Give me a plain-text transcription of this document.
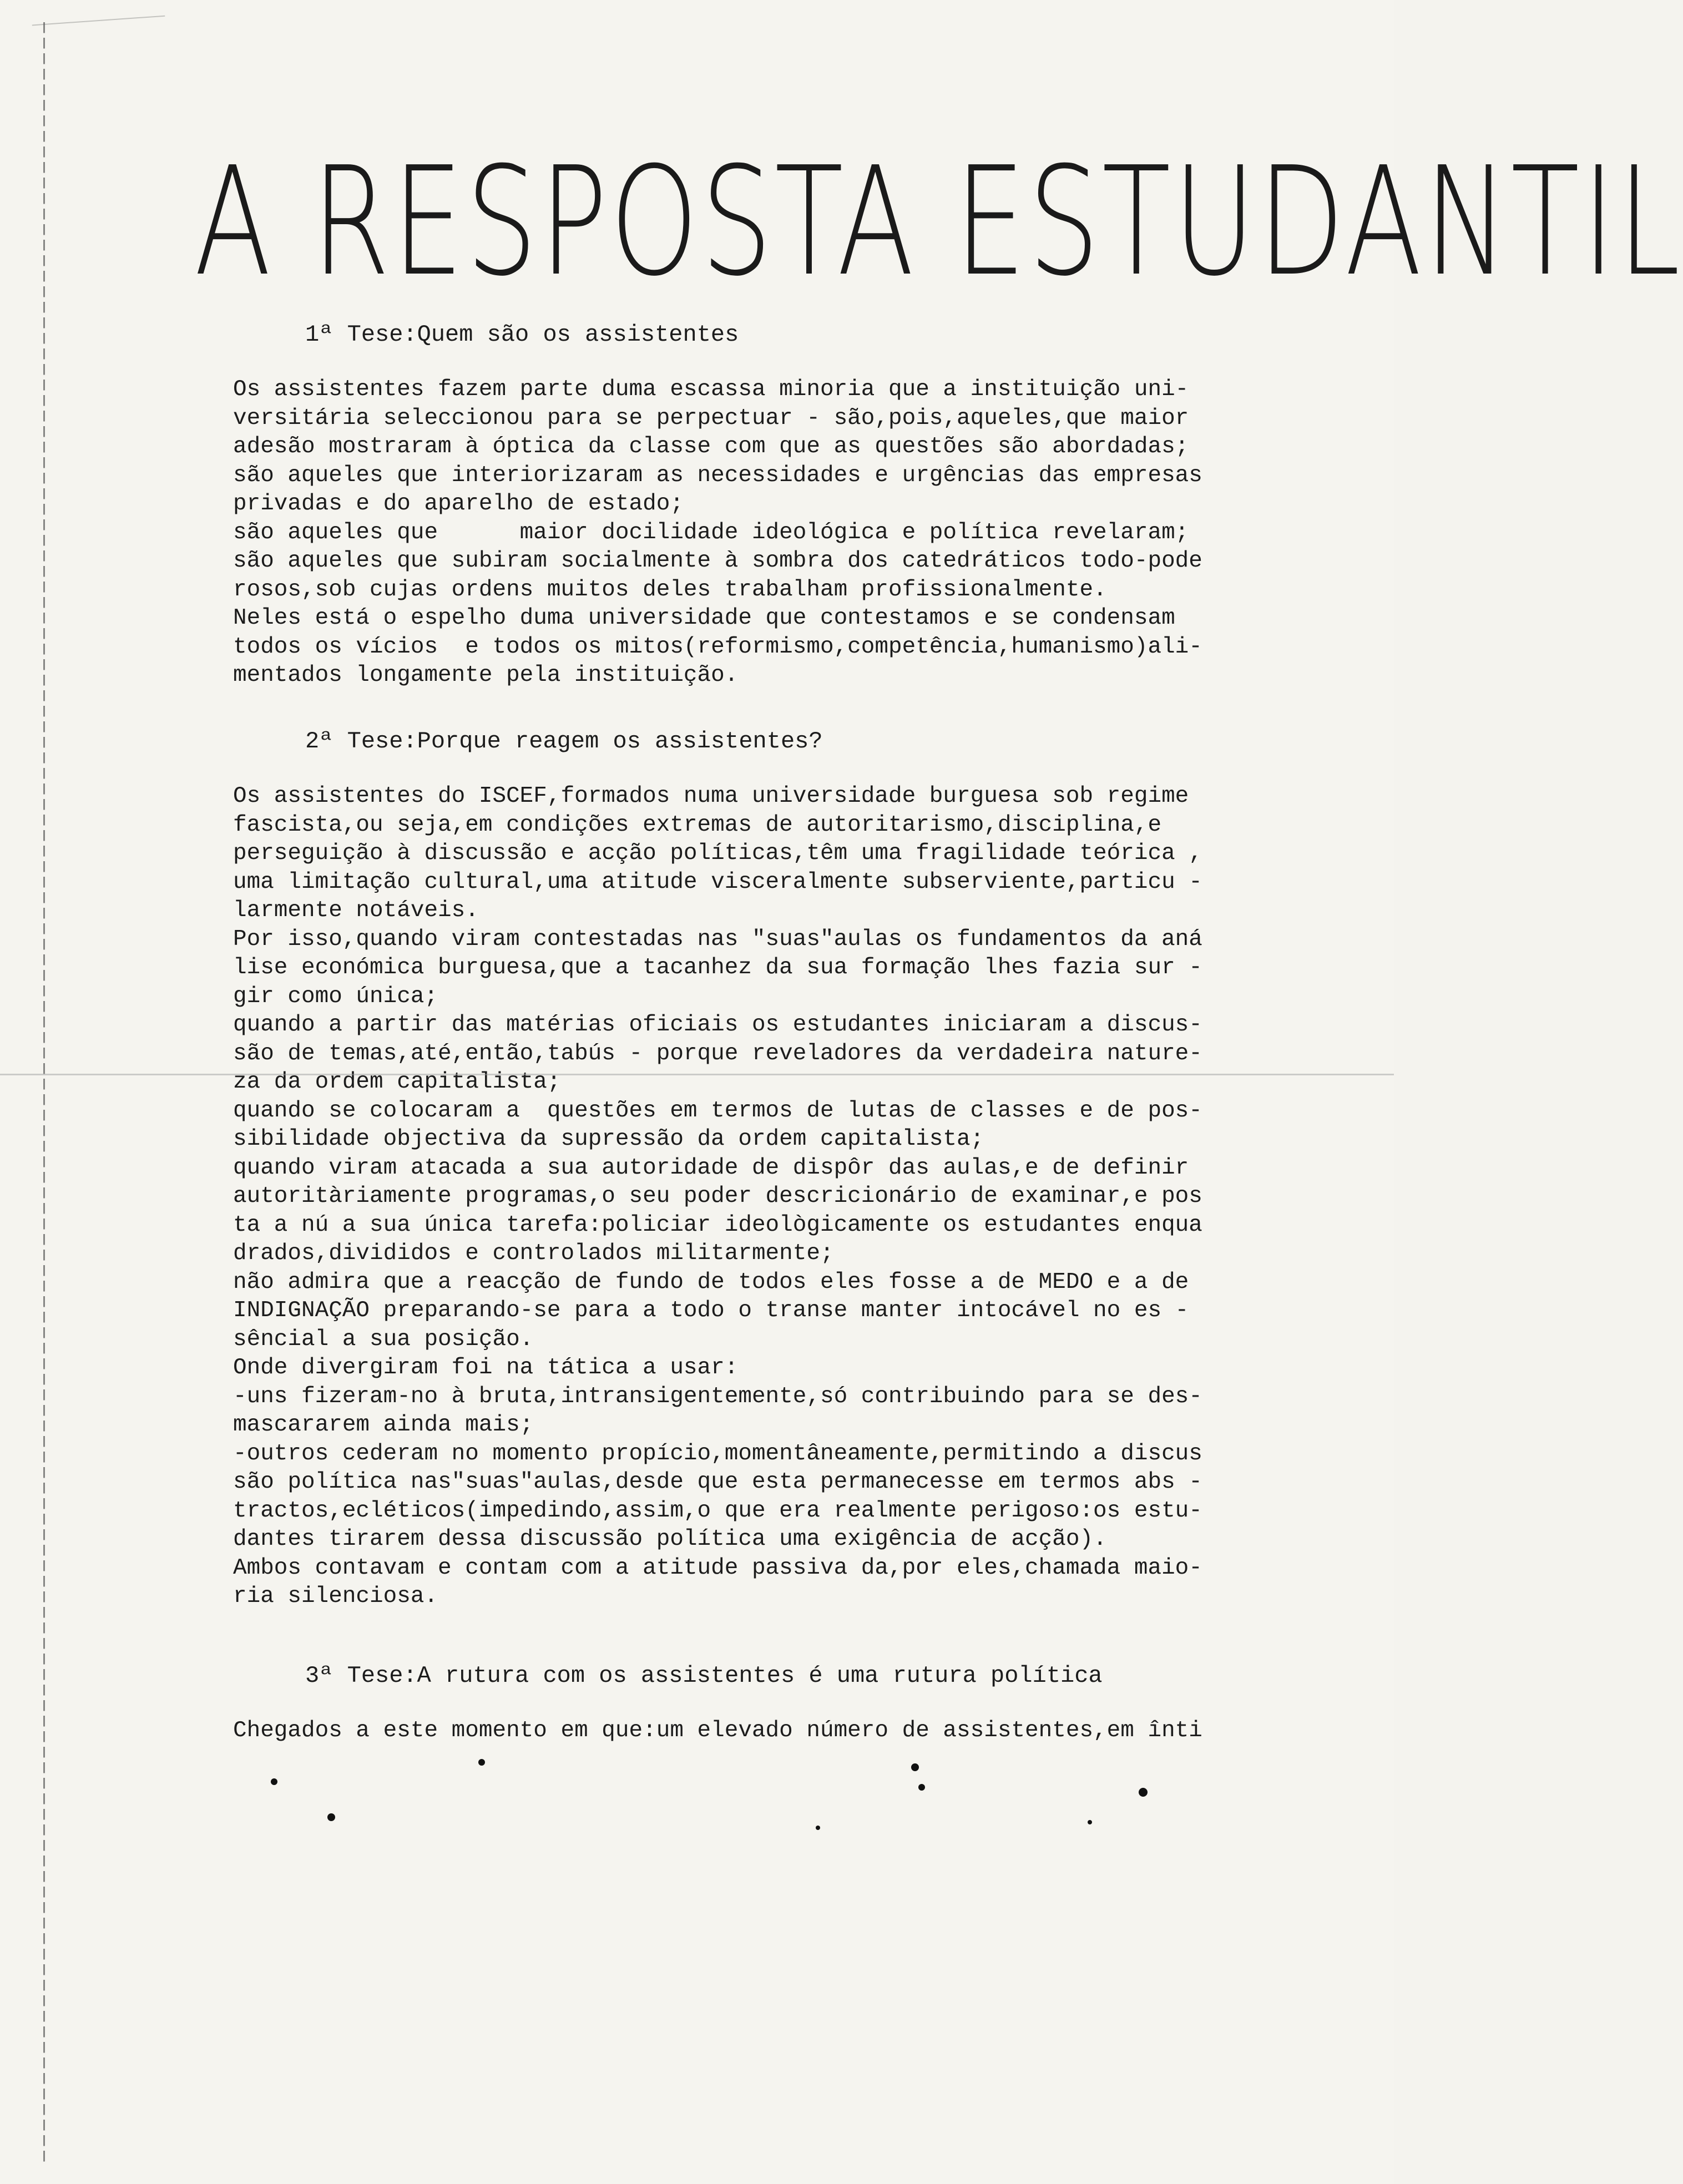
A RESPOSTA ESTUDANTIL
1ª Tese:Quem são os assistentes

Os assistentes fazem parte duma escassa minoria que a instituição uni-
versitária seleccionou para se perpectuar - são,pois,aqueles,que maior
adesão mostraram à óptica da classe com que as questões são abordadas;
são aqueles que interiorizaram as necessidades e urgências das empresas
privadas e do aparelho de estado;
são aqueles que      maior docilidade ideológica e política revelaram;
são aqueles que subiram socialmente à sombra dos catedráticos todo-pode
rosos,sob cujas ordens muitos deles trabalham profissionalmente.
Neles está o espelho duma universidade que contestamos e se condensam
todos os vícios  e todos os mitos(reformismo,competência,humanismo)ali-
mentados longamente pela instituição.

2ª Tese:Porque reagem os assistentes?

Os assistentes do ISCEF,formados numa universidade burguesa sob regime
fascista,ou seja,em condições extremas de autoritarismo,disciplina,e
perseguição à discussão e acção políticas,têm uma fragilidade teórica ,
uma limitação cultural,uma atitude visceralmente subserviente,particu -
larmente notáveis.
Por isso,quando viram contestadas nas "suas"aulas os fundamentos da aná
lise económica burguesa,que a tacanhez da sua formação lhes fazia sur -
gir como única;
quando a partir das matérias oficiais os estudantes iniciaram a discus-
são de temas,até,então,tabús - porque reveladores da verdadeira nature-
za da ordem capitalista;
quando se colocaram a  questões em termos de lutas de classes e de pos-
sibilidade objectiva da supressão da ordem capitalista;
quando viram atacada a sua autoridade de dispôr das aulas,e de definir
autoritàriamente programas,o seu poder descricionário de examinar,e pos
ta a nú a sua única tarefa:policiar ideològicamente os estudantes enqua
drados,divididos e controlados militarmente;
não admira que a reacção de fundo de todos eles fosse a de MEDO e a de
INDIGNAÇÃO preparando-se para a todo o transe manter intocável no es -
sêncial a sua posição.
Onde divergiram foi na tática a usar:
-uns fizeram-no à bruta,intransigentemente,só contribuindo para se des-
mascararem ainda mais;
-outros cederam no momento propício,momentâneamente,permitindo a discus
são política nas"suas"aulas,desde que esta permanecesse em termos abs -
tractos,ecléticos(impedindo,assim,o que era realmente perigoso:os estu-
dantes tirarem dessa discussão política uma exigência de acção).
Ambos contavam e contam com a atitude passiva da,por eles,chamada maio-
ria silenciosa.

3ª Tese:A rutura com os assistentes é uma rutura política

Chegados a este momento em que:um elevado número de assistentes,em înti
